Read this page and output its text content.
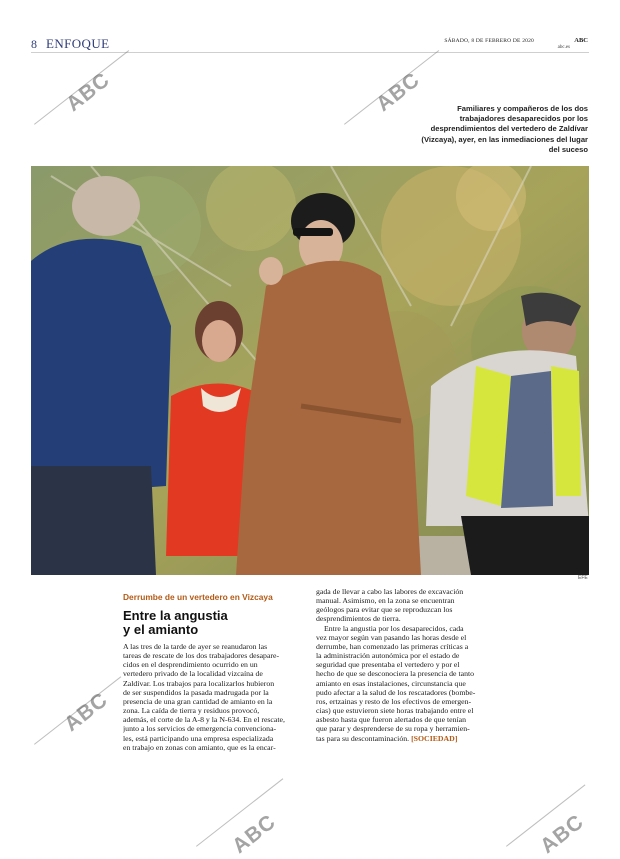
8 ENFOQUE	SÁBADO, 8 DE FEBRERO DE 2020	ABC
abc.es
Familiares y compañeros de los dos trabajadores desaparecidos por los desprendimientos del vertedero de Zaldívar (Vizcaya), ayer, en las inmediaciones del lugar del suceso
EFE
Derrumbe de un vertedero en Vizcaya
Entre la angustia
y el amianto
A las tres de la tarde de ayer se reanudaron las
tareas de rescate de los dos trabajadores desapare-
cidos en el desprendimiento ocurrido en un
vertedero privado de la localidad vizcaína de
Zaldívar. Los trabajos para localizarlos hubieron
de ser suspendidos la pasada madrugada por la
presencia de una gran cantidad de amianto en la
zona. La caída de tierra y residuos provocó,
además, el corte de la A-8 y la N-634. En el rescate,
junto a los servicios de emergencia convenciona-
les, está participando una empresa especializada
en trabajo en zonas con amianto, que es la encar-
gada de llevar a cabo las labores de excavación
manual. Asimismo, en la zona se encuentran
geólogos para evitar que se reproduzcan los
desprendimientos de tierra.
Entre la angustia por los desaparecidos, cada
vez mayor según van pasando las horas desde el
derrumbe, han comenzado las primeras críticas a
la administración autonómica por el estado de
seguridad que presentaba el vertedero y por el
hecho de que se desconociera la presencia de tanto
amianto en esas instalaciones, circunstancia que
pudo afectar a la salud de los rescatadores (bombe-
ros, ertzainas y resto de los efectivos de emergen-
cias) que estuvieron siete horas trabajando entre el
asbesto hasta que fueron alertados de que tenían
que parar y desprenderse de su ropa y herramien-
tas para su descontaminación. [SOCIEDAD]
ABC	ABC
ABC
ABC	ABC
